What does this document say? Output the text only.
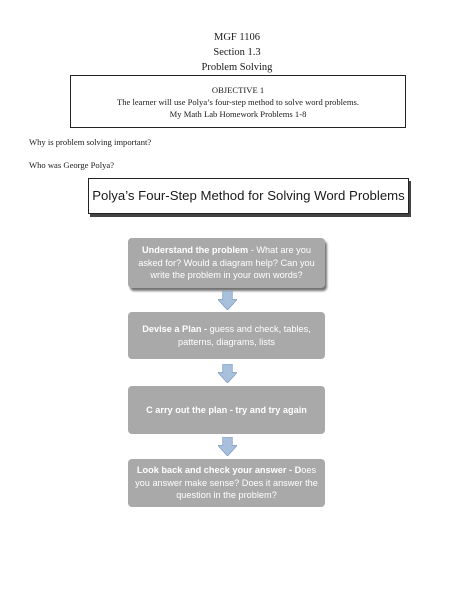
MGF 1106
Section 1.3
Problem Solving
OBJECTIVE 1
The learner will use Polya’s four-step method to solve word problems.
My Math Lab Homework Problems 1-8
Why is problem solving important?
Who was George Polya?
Polya’s Four-Step Method for Solving Word Problems
Understand the problem - What are you asked for? Would a diagram help? Can you write the problem in your own words?
Devise a Plan - guess and check, tables, patterns, diagrams, lists
C arry out the plan - try and try again
Look back and check your answer - Does you answer make sense? Does it answer the question in the problem?
